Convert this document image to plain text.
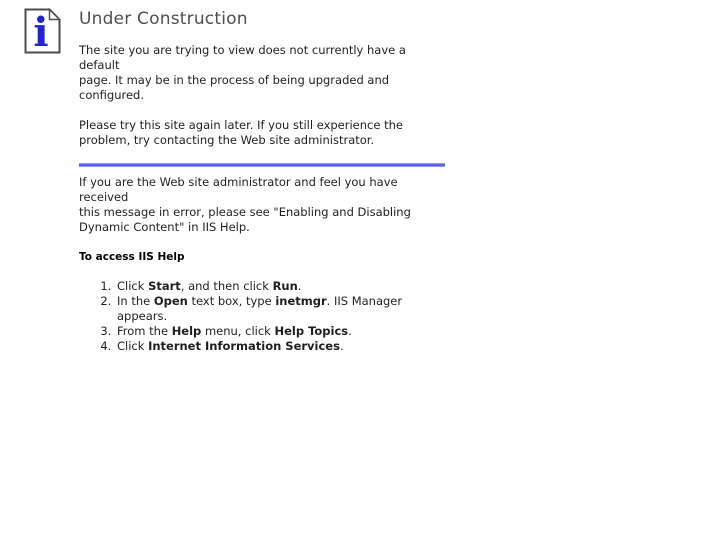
i Under Construction

The site you are trying to view does not currently have a default
page. It may be in the process of being upgraded and
configured.

Please try this site again later. If you still experience the
problem, try contacting the Web site administrator.

If you are the Web site administrator and feel you have received
this message in error, please see "Enabling and Disabling
Dynamic Content" in IIS Help.

To access IIS Help
1. Click Start, and then click Run.
2. In the Open text box, type inetmgr. IIS Manager
appears.
3. From the Help menu, click Help Topics.
4. Click Internet Information Services.
